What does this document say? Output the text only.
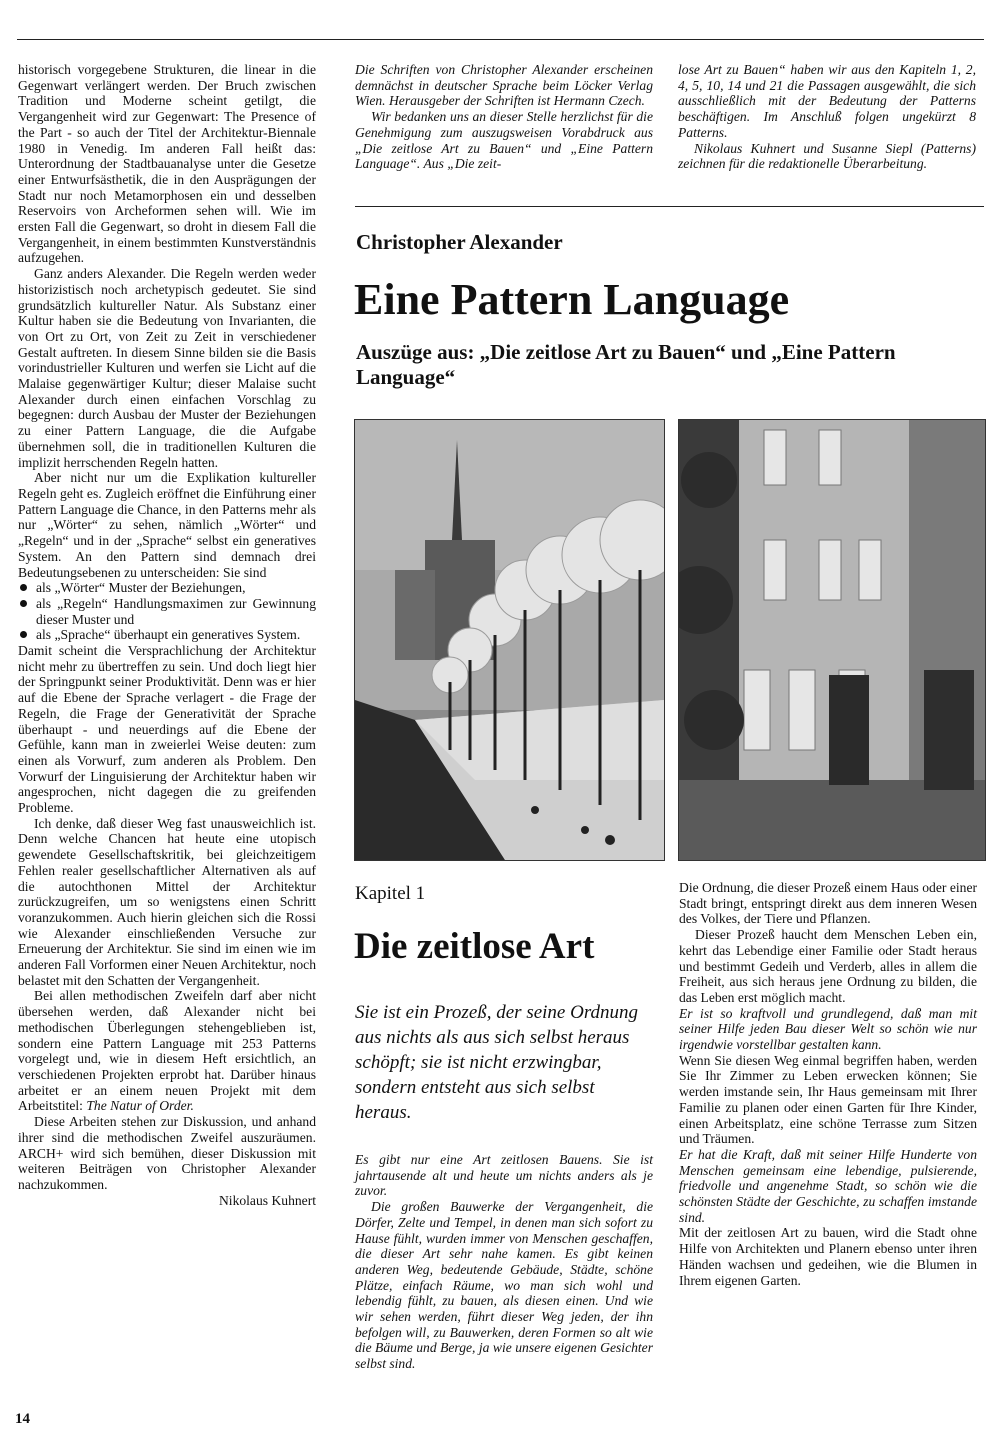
historisch vorgegebene Strukturen, die linear in die Gegenwart verlängert werden. Der Bruch zwischen Tradition und Moderne scheint getilgt, die Vergangenheit wird zur Gegenwart: The Presence of the Part - so auch der Titel der Architektur-Biennale 1980 in Venedig. Im anderen Fall heißt das: Unterordnung der Stadtbauanalyse unter die Gesetze einer Entwurfsästhetik, die in den Ausprägungen der Stadt nur noch Metamorphosen ein und desselben Reservoirs von Archeformen sehen will. Wie im ersten Fall die Gegenwart, so droht in diesem Fall die Vergangenheit, in einem bestimmten Kunstverständnis aufzugehen.

Ganz anders Alexander. Die Regeln werden weder historizistisch noch archetypisch gedeutet. Sie sind grundsätzlich kultureller Natur. Als Substanz einer Kultur haben sie die Bedeutung von Invarianten, die von Ort zu Ort, von Zeit zu Zeit in verschiedener Gestalt auftreten. In diesem Sinne bilden sie die Basis vorindustrieller Kulturen und werfen sie Licht auf die Malaise gegenwärtiger Kultur; dieser Malaise sucht Alexander durch einen einfachen Vorschlag zu begegnen: durch Ausbau der Muster der Beziehungen zu einer Pattern Language, die die Aufgabe übernehmen soll, die in traditionellen Kulturen die implizit herrschenden Regeln hatten.

Aber nicht nur um die Explikation kultureller Regeln geht es. Zugleich eröffnet die Einführung einer Pattern Language die Chance, in den Patterns mehr als nur „Wörter“ zu sehen, nämlich „Wörter“ und „Regeln“ und in der „Sprache“ selbst ein generatives System. An den Pattern sind demnach drei Bedeutungsebenen zu unterscheiden: Sie sind

als „Wörter“ Muster der Beziehungen,
als „Regeln“ Handlungsmaximen zur Gewinnung dieser Muster und
als „Sprache“ überhaupt ein generatives System.

Damit scheint die Versprachlichung der Architektur nicht mehr zu übertreffen zu sein. Und doch liegt hier der Springpunkt seiner Produktivität. Denn was er hier auf die Ebene der Sprache verlagert - die Frage der Regeln, die Frage der Generativität der Sprache überhaupt - und neuerdings auf die Ebene der Gefühle, kann man in zweierlei Weise deuten: zum einen als Vorwurf, zum anderen als Problem. Den Vorwurf der Linguisierung der Architektur haben wir angesprochen, nicht dagegen die zu greifenden Probleme.

Ich denke, daß dieser Weg fast unausweichlich ist. Denn welche Chancen hat heute eine utopisch gewendete Gesellschaftskritik, bei gleichzeitigem Fehlen realer gesellschaftlicher Alternativen als auf die autochthonen Mittel der Architektur zurückzugreifen, um so wenigstens einen Schritt voranzukommen. Auch hierin gleichen sich die Rossi wie Alexander einschließenden Versuche zur Erneuerung der Architektur. Sie sind im einen wie im anderen Fall Vorformen einer Neuen Architektur, noch belastet mit den Schatten der Vergangenheit.

Bei allen methodischen Zweifeln darf aber nicht übersehen werden, daß Alexander nicht bei methodischen Überlegungen stehengeblieben ist, sondern eine Pattern Language mit 253 Patterns vorgelegt und, wie in diesem Heft ersichtlich, an verschiedenen Projekten erprobt hat. Darüber hinaus arbeitet er an einem neuen Projekt mit dem Arbeitstitel: The Natur of Order.

Diese Arbeiten stehen zur Diskussion, und anhand ihrer sind die methodischen Zweifel auszuräumen. ARCH+ wird sich bemühen, dieser Diskussion mit weiteren Beiträgen von Christopher Alexander nachzukommen.

Nikolaus Kuhnert

Die Schriften von Christopher Alexander erscheinen demnächst in deutscher Sprache beim Löcker Verlag Wien. Herausgeber der Schriften ist Hermann Czech.

Wir bedanken uns an dieser Stelle herzlichst für die Genehmigung zum auszugsweisen Vorabdruck aus „Die zeitlose Art zu Bauen“ und „Eine Pattern Language“. Aus „Die zeit-

lose Art zu Bauen“ haben wir aus den Kapiteln 1, 2, 4, 5, 10, 14 und 21 die Passagen ausgewählt, die sich ausschließlich mit der Bedeutung der Patterns beschäftigen. Im Anschluß folgen ungekürzt 8 Patterns.

Nikolaus Kuhnert und Susanne Siepl (Patterns) zeichnen für die redaktionelle Überarbeitung.

Christopher Alexander
Eine Pattern Language
Auszüge aus: „Die zeitlose Art zu Bauen“ und „Eine Pattern Language“
Kapitel 1
Die zeitlose Art
Sie ist ein Prozeß, der seine Ordnung aus nichts als aus sich selbst heraus schöpft; sie ist nicht erzwingbar, sondern entsteht aus sich selbst heraus.

Es gibt nur eine Art zeitlosen Bauens. Sie ist jahrtausende alt und heute um nichts anders als je zuvor.

Die großen Bauwerke der Vergangenheit, die Dörfer, Zelte und Tempel, in denen man sich sofort zu Hause fühlt, wurden immer von Menschen geschaffen, die dieser Art sehr nahe kamen. Es gibt keinen anderen Weg, bedeutende Gebäude, Städte, schöne Plätze, einfach Räume, wo man sich wohl und lebendig fühlt, zu bauen, als diesen einen. Und wie wir sehen werden, führt dieser Weg jeden, der ihn befolgen will, zu Bauwerken, deren Formen so alt wie die Bäume und Berge, ja wie unsere eigenen Gesichter selbst sind.

Die Ordnung, die dieser Prozeß einem Haus oder einer Stadt bringt, entspringt direkt aus dem inneren Wesen des Volkes, der Tiere und Pflanzen.

Dieser Prozeß haucht dem Menschen Leben ein, kehrt das Lebendige einer Familie oder Stadt heraus und bestimmt Gedeih und Verderb, alles in allem die Freiheit, aus sich heraus jene Ordnung zu bilden, die das Leben erst möglich macht.

Er ist so kraftvoll und grundlegend, daß man mit seiner Hilfe jeden Bau dieser Welt so schön wie nur irgendwie vorstellbar gestalten kann.

Wenn Sie diesen Weg einmal begriffen haben, werden Sie Ihr Zimmer zu Leben erwecken können; Sie werden imstande sein, Ihr Haus gemeinsam mit Ihrer Familie zu planen oder einen Garten für Ihre Kinder, einen Arbeitsplatz, eine schöne Terrasse zum Sitzen und Träumen.

Er hat die Kraft, daß mit seiner Hilfe Hunderte von Menschen gemeinsam eine lebendige, pulsierende, friedvolle und angenehme Stadt, so schön wie die schönsten Städte der Geschichte, zu schaffen imstande sind.

Mit der zeitlosen Art zu bauen, wird die Stadt ohne Hilfe von Architekten und Planern ebenso unter ihren Händen wachsen und gedeihen, wie die Blumen in Ihrem eigenen Garten.

14
